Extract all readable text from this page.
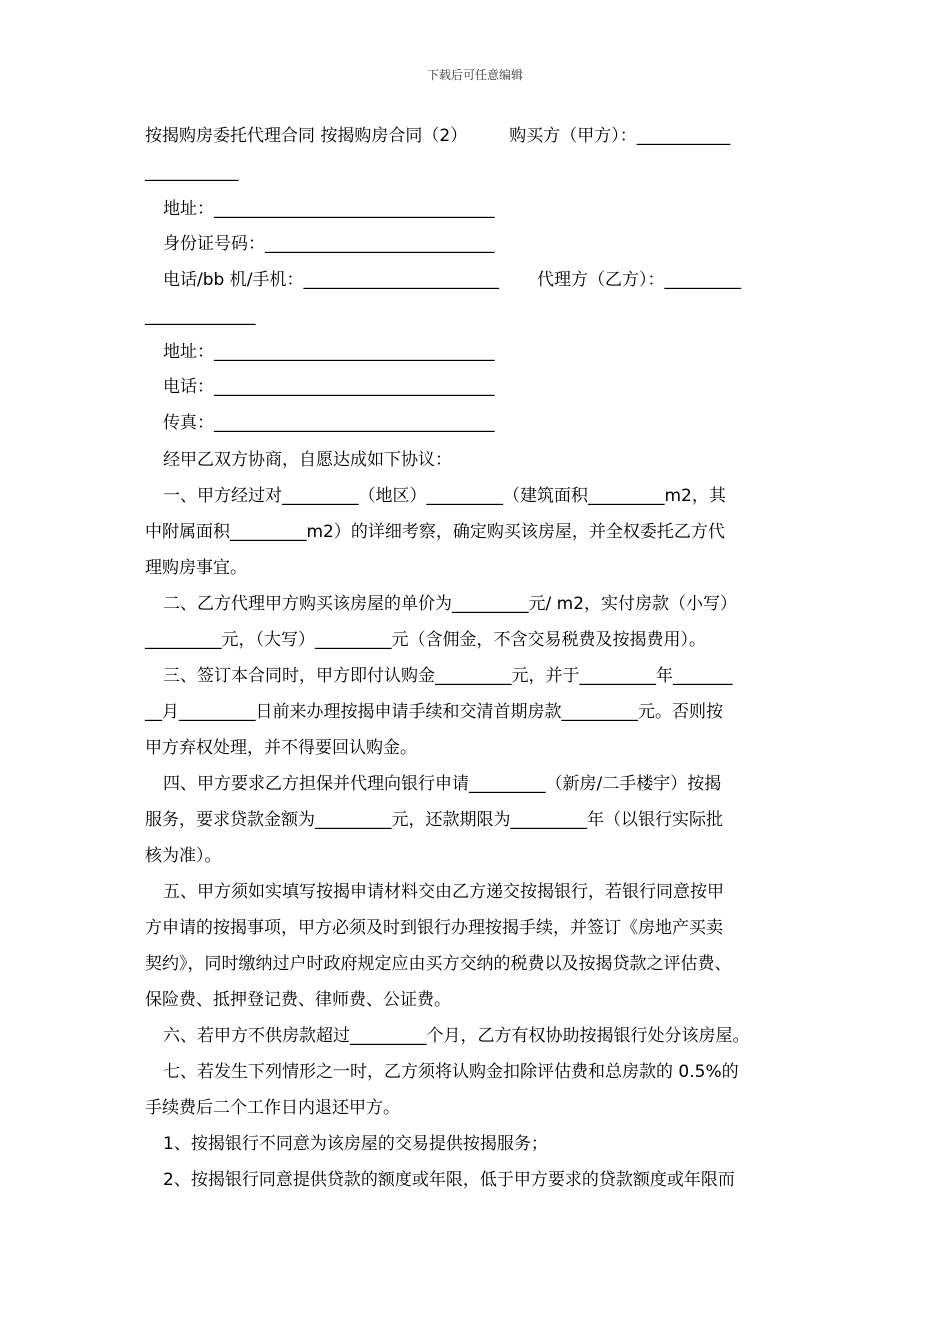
下载后可任意编辑
按揭购房委托代理合同 按揭购房合同（2） 购买方（甲方）：___________
___________
地址：_________________________________
身份证号码：___________________________
电话/bb 机/手机：_______________________ 代理方（乙方）：_________
_____________
地址：_________________________________
电话：_________________________________
传真：_________________________________
经甲乙双方协商，自愿达成如下协议：
一、甲方经过对_________（地区）_________（建筑面积_________m2，其
中附属面积_________m2）的详细考察，确定购买该房屋，并全权委托乙方代
理购房事宜。
二、乙方代理甲方购买该房屋的单价为_________元/ m2，实付房款（小写）
_________元，（大写）_________元（含佣金，不含交易税费及按揭费用）。
三、签订本合同时，甲方即付认购金_________元，并于_________年_______
__月_________日前来办理按揭申请手续和交清首期房款_________元。否则按
甲方弃权处理，并不得要回认购金。
四、甲方要求乙方担保并代理向银行申请_________（新房/二手楼宇）按揭
服务，要求贷款金额为_________元，还款期限为_________年（以银行实际批
核为准）。
五、甲方须如实填写按揭申请材料交由乙方递交按揭银行，若银行同意按甲
方申请的按揭事项，甲方必须及时到银行办理按揭手续，并签订《房地产买卖
契约》，同时缴纳过户时政府规定应由买方交纳的税费以及按揭贷款之评估费、
保险费、抵押登记费、律师费、公证费。
六、若甲方不供房款超过_________个月，乙方有权协助按揭银行处分该房屋。
七、若发生下列情形之一时，乙方须将认购金扣除评估费和总房款的 0.5%的
手续费后二个工作日内退还甲方。
1、按揭银行不同意为该房屋的交易提供按揭服务；
2、按揭银行同意提供贷款的额度或年限，低于甲方要求的贷款额度或年限而
